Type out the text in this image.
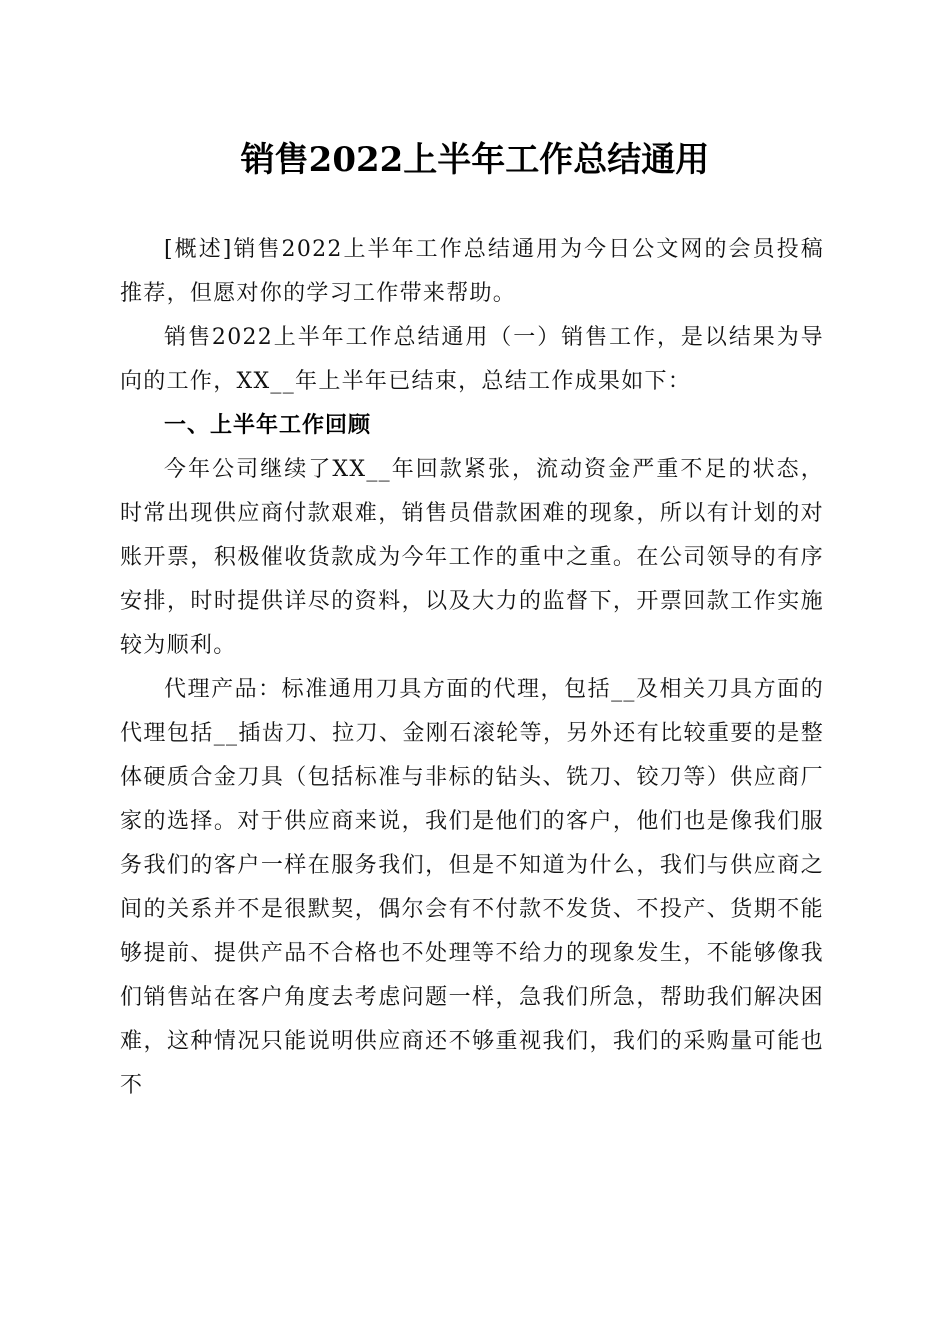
销售2022上半年工作总结通用

[概述]销售2022上半年工作总结通用为今日公文网的会员投稿推荐，但愿对你的学习工作带来帮助。

销售2022上半年工作总结通用（一）销售工作，是以结果为导向的工作，XX__年上半年已结束，总结工作成果如下：

一、上半年工作回顾

今年公司继续了XX__年回款紧张，流动资金严重不足的状态，时常出现供应商付款艰难，销售员借款困难的现象，所以有计划的对账开票，积极催收货款成为今年工作的重中之重。在公司领导的有序安排，时时提供详尽的资料，以及大力的监督下，开票回款工作实施较为顺利。

代理产品：标准通用刀具方面的代理，包括__及相关刀具方面的代理包括__插齿刀、拉刀、金刚石滚轮等，另外还有比较重要的是整体硬质合金刀具（包括标准与非标的钻头、铣刀、铰刀等）供应商厂家的选择。对于供应商来说，我们是他们的客户，他们也是像我们服务我们的客户一样在服务我们，但是不知道为什么，我们与供应商之间的关系并不是很默契，偶尔会有不付款不发货、不投产、货期不能够提前、提供产品不合格也不处理等不给力的现象发生，不能够像我们销售站在客户角度去考虑问题一样，急我们所急，帮助我们解决困难，这种情况只能说明供应商还不够重视我们，我们的采购量可能也不
